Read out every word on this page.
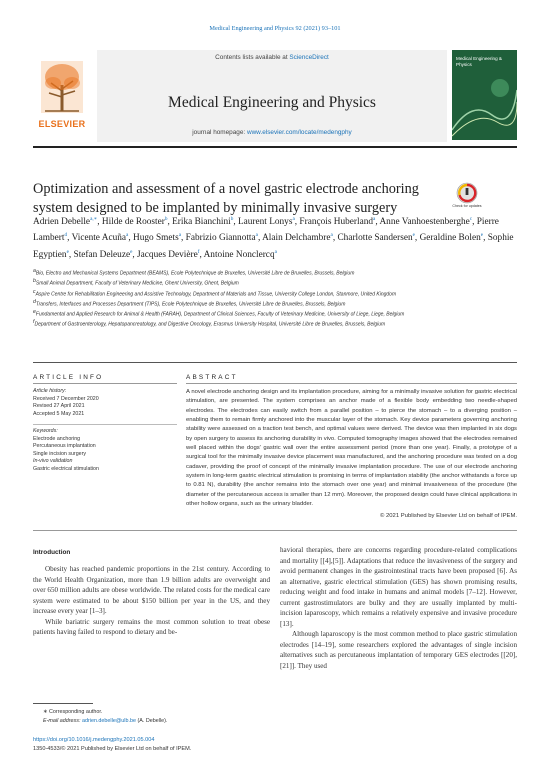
Medical Engineering and Physics 92 (2021) 93–101
ELSEVIER
Contents lists available at ScienceDirect
Medical Engineering and Physics
journal homepage: www.elsevier.com/locate/medengphy
Medical Engineering & Physics
Optimization and assessment of a novel gastric electrode anchoring system designed to be implanted by minimally invasive surgery	Check for updates
Adrien Debelle$^{a,∗}$, Hilde de Rooster$^b$, Erika Bianchini$^b$, Laurent Lonys$^a$, François Huberland$^a$, Anne Vanhoestenberghe$^c$, Pierre Lambert$^d$, Vicente Acuña$^a$, Hugo Smets$^a$, Fabrizio Giannotta$^a$, Alain Delchambre$^a$, Charlotte Sandersen$^e$, Geraldine Bolen$^e$, Sophie Egyptien$^e$, Stefan Deleuze$^e$, Jacques Devière$^f$, Antoine Nonclercq$^a$
$^a$Bio, Electro and Mechanical Systems Department (BEAMS), Ecole Polytechnique de Bruxelles, Université Libre de Bruxelles, Brussels, Belgium
$^b$Small Animal Department, Faculty of Veterinary Medicine, Ghent University, Ghent, Belgium
$^c$Aspire Centre for Rehabilitation Engineering and Assistive Technology, Department of Materials and Tissue, University College London, Stanmore, United Kingdom
$^d$Transfers, Interfaces and Processes Department (TIPS), Ecole Polytechnique de Bruxelles, Université Libre de Bruxelles, Brussels, Belgium
$^e$Fundamental and Applied Research for Animal & Health (FARAH), Department of Clinical Sciences, Faculty of Veterinary Medicine, University of Liege, Liege, Belgium
$^f$Department of Gastroenterology, Hepatopancreatology, and Digestive Oncology, Erasmus University Hospital, Université Libre de Bruxelles, Brussels, Belgium
ARTICLE INFO	ABSTRACT
Article history:
Received 7 December 2020
Revised 27 April 2021
Accepted 5 May 2021
Keywords:
Electrode anchoring
Percutaneous implantation
Single incision surgery
In-vivo validation
Gastric electrical stimulation
A novel electrode anchoring design and its implantation procedure, aiming for a minimally invasive solution for gastric electrical stimulation, are presented. The system comprises an anchor made of a flexible body embedding two needle-shaped electrodes. The electrodes can easily switch from a parallel position – to pierce the stomach – to a diverging position – enabling them to remain firmly anchored into the muscular layer of the stomach. Key device parameters governing anchoring stability were assessed on a traction test bench, and optimal values were derived. The device was then implanted in six dogs by open surgery to assess its anchoring durability in vivo. Computed tomography images showed that the electrodes remained well placed within the dogs' gastric wall over the entire assessment period (more than one year). Finally, a prototype of a surgical tool for the minimally invasive device placement was manufactured, and the anchoring procedure was tested on a dog cadaver, providing the proof of concept of the minimally invasive implantation procedure. The use of our electrode anchoring system in long-term gastric electrical stimulation is promising in terms of implantation stability (the anchor withstands a force up to 0.81 N), durability (the anchor remains into the stomach over one year) and minimal invasiveness of the procedure (the diameter of the percutaneous access is smaller than 12 mm). Moreover, the proposed design could have clinical applications in other hollow organs, such as the urinary bladder.
© 2021 Published by Elsevier Ltd on behalf of IPEM.
Introduction

Obesity has reached pandemic proportions in the 21st century. According to the World Health Organization, more than 1.9 billion adults are overweight and over 650 million adults are obese worldwide. The related costs for the medical care system were estimated to be about $150 billion per year in the US, and they increase every year [1–3].

While bariatric surgery remains the most common solution to treat obese patients having failed to respond to dietary and be-

havioral therapies, there are concerns regarding procedure-related complications and mortality [[4],[5]]. Adaptations that reduce the invasiveness of the surgery and avoid permanent changes in the gastrointestinal tracts have been proposed [6]. As an alternative, gastric electrical stimulation (GES) has shown promising results, reducing weight and food intake in humans and animal models [7–12]. However, current gastrostimulators are bulky and they are usually implanted by multi-incision laparoscopy, which remains a relatively expensive and invasive procedure [13].

Although laparoscopy is the most common method to place gastric stimulation electrodes [14–19], some researchers explored the advantages of single incision alternatives such as percutaneous implantation of temporary GES electrodes [[20],[21]]. They used

∗ Corresponding author.
E-mail address: adrien.debelle@ulb.be (A. Debelle).
https://doi.org/10.1016/j.medengphy.2021.05.004
1350-4533/© 2021 Published by Elsevier Ltd on behalf of IPEM.
